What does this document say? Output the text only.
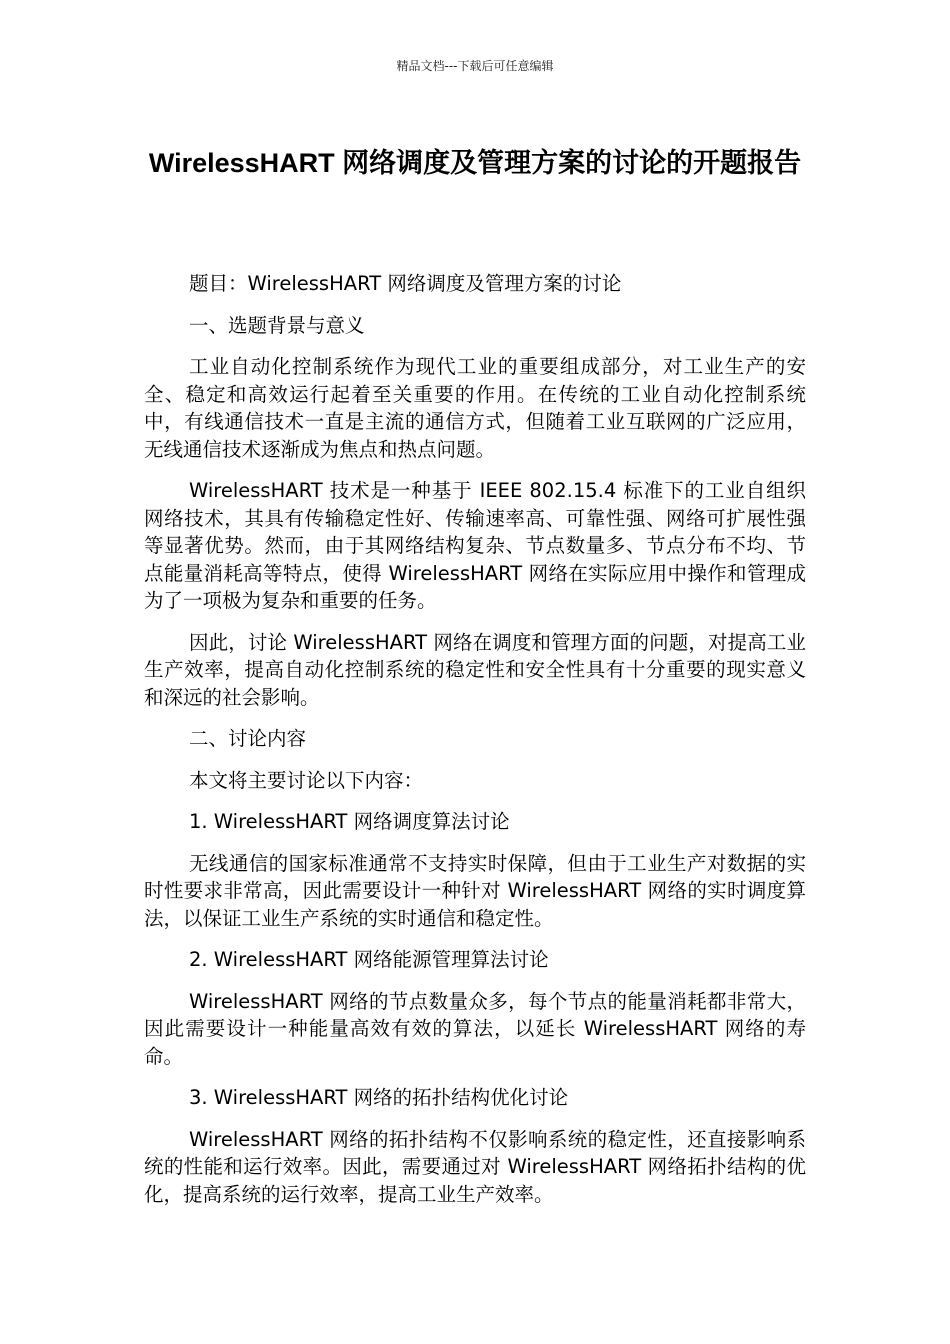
精品文档---下载后可任意编辑
WirelessHART 网络调度及管理方案的讨论的开题报告

题目：WirelessHART 网络调度及管理方案的讨论

一、选题背景与意义

工业自动化控制系统作为现代工业的重要组成部分，对工业生产的安全、稳定和高效运行起着至关重要的作用。在传统的工业自动化控制系统中，有线通信技术一直是主流的通信方式，但随着工业互联网的广泛应用，无线通信技术逐渐成为焦点和热点问题。

WirelessHART 技术是一种基于 IEEE 802.15.4 标准下的工业自组织网络技术，其具有传输稳定性好、传输速率高、可靠性强、网络可扩展性强等显著优势。然而，由于其网络结构复杂、节点数量多、节点分布不均、节点能量消耗高等特点，使得 WirelessHART 网络在实际应用中操作和管理成为了一项极为复杂和重要的任务。

因此，讨论 WirelessHART 网络在调度和管理方面的问题，对提高工业生产效率，提高自动化控制系统的稳定性和安全性具有十分重要的现实意义和深远的社会影响。

二、讨论内容

本文将主要讨论以下内容：

1. WirelessHART 网络调度算法讨论

无线通信的国家标准通常不支持实时保障，但由于工业生产对数据的实时性要求非常高，因此需要设计一种针对 WirelessHART 网络的实时调度算法，以保证工业生产系统的实时通信和稳定性。

2. WirelessHART 网络能源管理算法讨论

WirelessHART 网络的节点数量众多，每个节点的能量消耗都非常大，因此需要设计一种能量高效有效的算法，以延长 WirelessHART 网络的寿命。

3. WirelessHART 网络的拓扑结构优化讨论

WirelessHART 网络的拓扑结构不仅影响系统的稳定性，还直接影响系统的性能和运行效率。因此，需要通过对 WirelessHART 网络拓扑结构的优化，提高系统的运行效率，提高工业生产效率。
